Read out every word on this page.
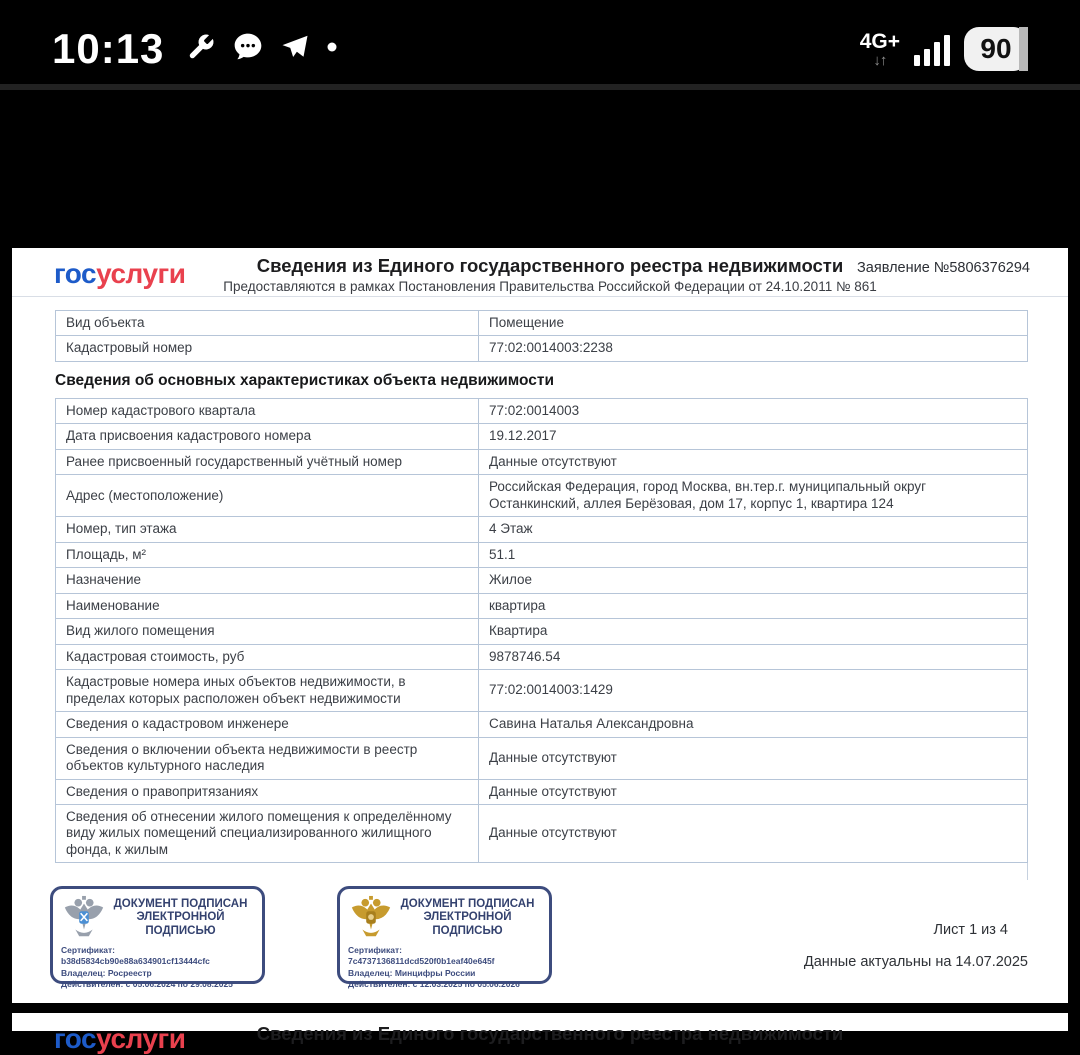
10:13	4G+
↓↑	90
госуслуги	Сведения из Единого государственного реестра недвижимости Заявление №5806376294
Предоставляются в рамках Постановления Правительства Российской Федерации от 24.10.2011 № 861
Вид объекта	Помещение
Кадастровый номер	77:02:0014003:2238
Сведения об основных характеристиках объекта недвижимости
Номер кадастрового квартала	77:02:0014003
Дата присвоения кадастрового номера	19.12.2017
Ранее присвоенный государственный учётный номер	Данные отсутствуют
Адрес (местоположение)	Российская Федерация, город Москва, вн.тер.г. муниципальный округ Останкинский, аллея Берёзовая, дом 17, корпус 1, квартира 124
Номер, тип этажа	4 Этаж
Площадь, м²	51.1
Назначение	Жилое
Наименование	квартира
Вид жилого помещения	Квартира
Кадастровая стоимость, руб	9878746.54
Кадастровые номера иных объектов недвижимости, в пределах которых расположен объект недвижимости	77:02:0014003:1429
Сведения о кадастровом инженере	Савина Наталья Александровна
Сведения о включении объекта недвижимости в реестр объектов культурного наследия	Данные отсутствуют
Сведения о правопритязаниях	Данные отсутствуют
Сведения об отнесении жилого помещения к определённому виду жилых помещений специализированного жилищного фонда, к жилым	Данные отсутствуют
ДОКУМЕНТ ПОДПИСАН ЭЛЕКТРОННОЙ ПОДПИСЬЮ
Сертификат: b38d5834cb90e88a634901cf13444cfc
Владелец: Росреестр
Действителен: с 05.06.2024 по 29.08.2025
ДОКУМЕНТ ПОДПИСАН ЭЛЕКТРОННОЙ ПОДПИСЬЮ
Сертификат: 7c4737136811dcd520f0b1eaf40e645f
Владелец: Минцифры России
Действителен: с 12.03.2025 по 05.06.2026
Лист 1 из 4
Данные актуальны на 14.07.2025
госуслуги	Сведения из Единого государственного реестра недвижимости
